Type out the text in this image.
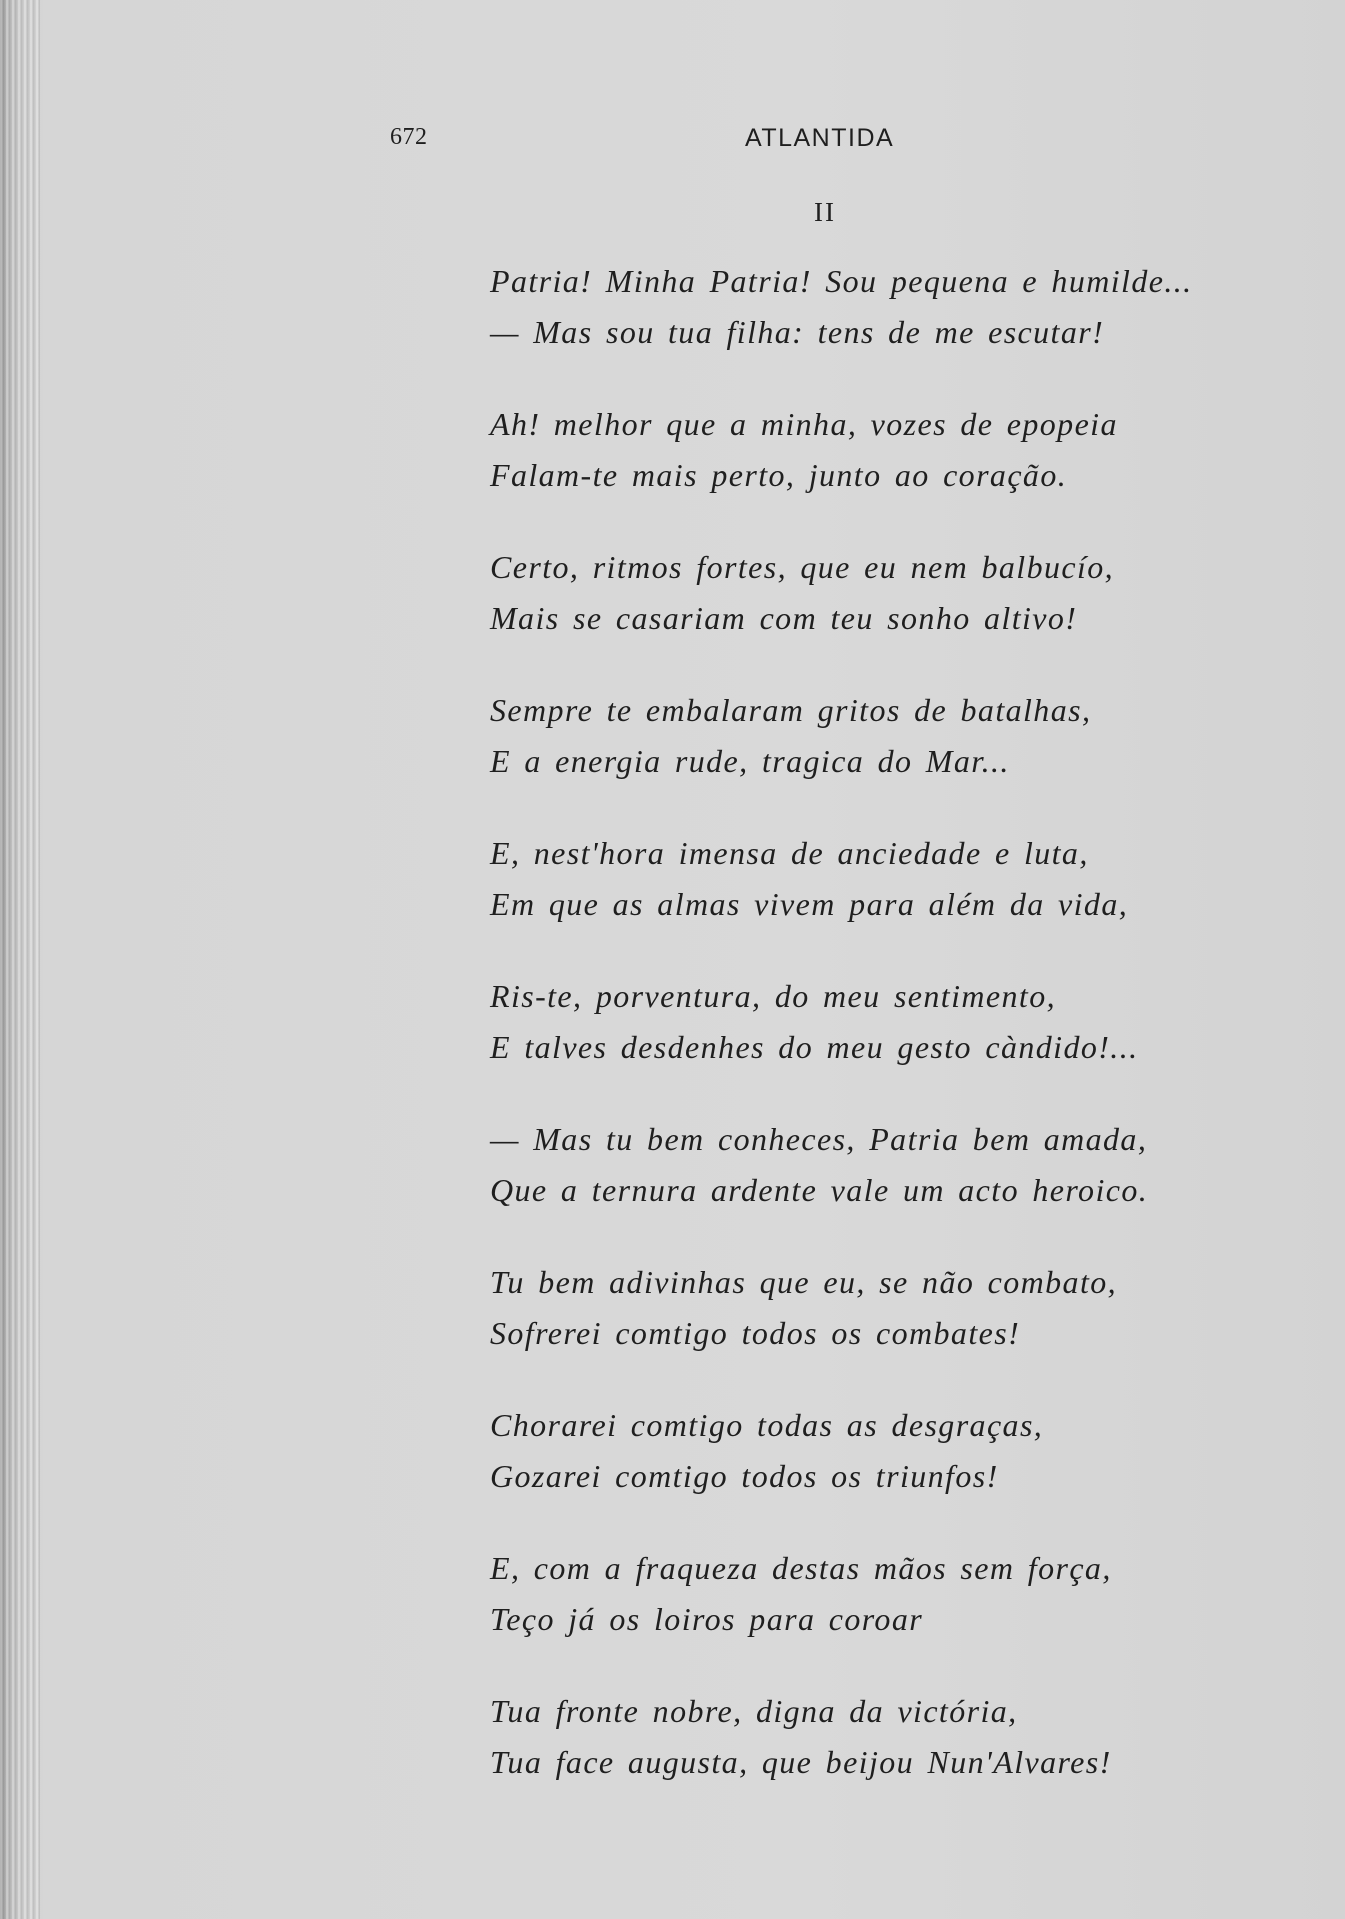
672	ATLANTIDA
II
Patria! Minha Patria! Sou pequena e humilde...
— Mas sou tua filha: tens de me escutar!
Ah! melhor que a minha, vozes de epopeia
Falam-te mais perto, junto ao coração.
Certo, ritmos fortes, que eu nem balbucío,
Mais se casariam com teu sonho altivo!
Sempre te embalaram gritos de batalhas,
E a energia rude, tragica do Mar...
E, nest'hora imensa de anciedade e luta,
Em que as almas vivem para além da vida,
Ris-te, porventura, do meu sentimento,
E talves desdenhes do meu gesto càndido!...
— Mas tu bem conheces, Patria bem amada,
Que a ternura ardente vale um acto heroico.
Tu bem adivinhas que eu, se não combato,
Sofrerei comtigo todos os combates!
Chorarei comtigo todas as desgraças,
Gozarei comtigo todos os triunfos!
E, com a fraqueza destas mãos sem força,
Teço já os loiros para coroar
Tua fronte nobre, digna da victória,
Tua face augusta, que beijou Nun'Alvares!
